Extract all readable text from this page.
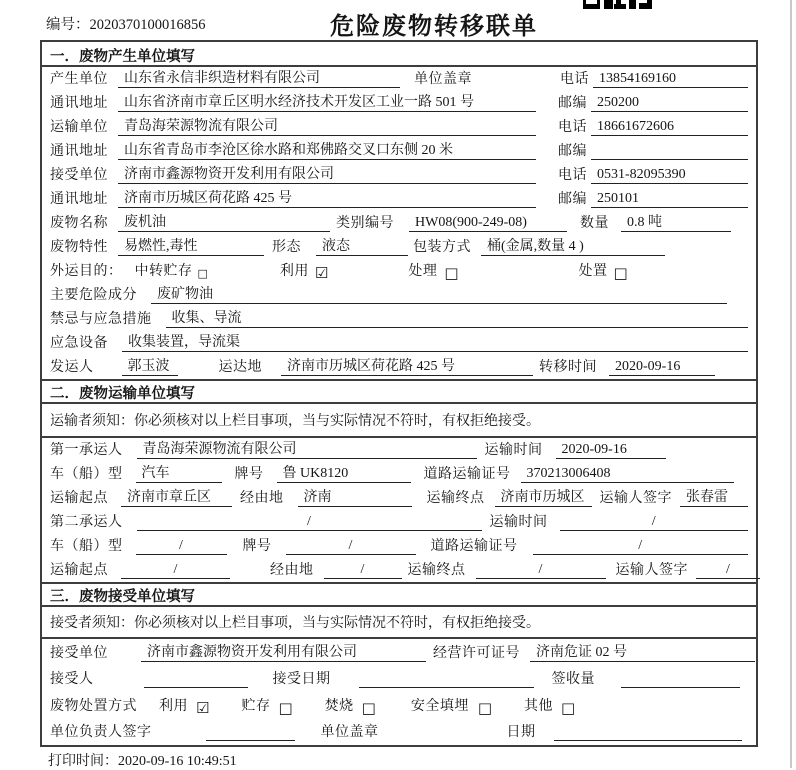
编号：2020370100016856	危险废物转移联单
一．废物产生单位填写
产生单位	山东省永信非织造材料有限公司	单位盖章	电话 13854169160
通讯地址	山东省济南市章丘区明水经济技术开发区工业一路 501 号	邮编 250200
运输单位	青岛海荣源物流有限公司	电话 18661672606
通讯地址	山东省青岛市李沧区徐水路和郑佛路交叉口东侧 20 米	邮编
接受单位	济南市鑫源物资开发利用有限公司	电话 0531-82095390
通讯地址	济南市历城区荷花路 425 号	邮编 250101
废物名称	废机油	类别编号	HW08(900-249-08)	数量	0.8 吨
废物特性	易燃性,毒性	形态	液态	包装方式	桶(金属,数量 4 )
外运目的： 中转贮存 □	利用 ☑	处理 □	处置 □
主要危险成分	废矿物油
禁忌与应急措施	收集、导流
应急设备	收集装置，导流渠
发运人	郭玉波	运达地	济南市历城区荷花路 425 号	转移时间	2020-09-16
二．废物运输单位填写
运输者须知：你必须核对以上栏目事项，当与实际情况不符时，有权拒绝接受。
第一承运人	青岛海荣源物流有限公司	运输时间	2020-09-16
车（船）型	汽车	牌号	鲁 UK8120	道路运输证号	370213006408
运输起点	济南市章丘区	经由地	济南	运输终点	济南市历城区	运输人签字	张春雷
第二承运人	/	运输时间	/
车（船）型	/	牌号	/	道路运输证号	/
运输起点	/	经由地	/	运输终点	/	运输人签字	/
三．废物接受单位填写
接受者须知：你必须核对以上栏目事项，当与实际情况不符时，有权拒绝接受。
接受单位	济南市鑫源物资开发利用有限公司	经营许可证号	济南危证 02 号
接受人	接受日期	签收量
废物处置方式 利用 ☑ 贮存 □ 焚烧 □	安全填埋 □ 其他 □
单位负责人签字	单位盖章	日期
打印时间：2020-09-16 10:49:51
